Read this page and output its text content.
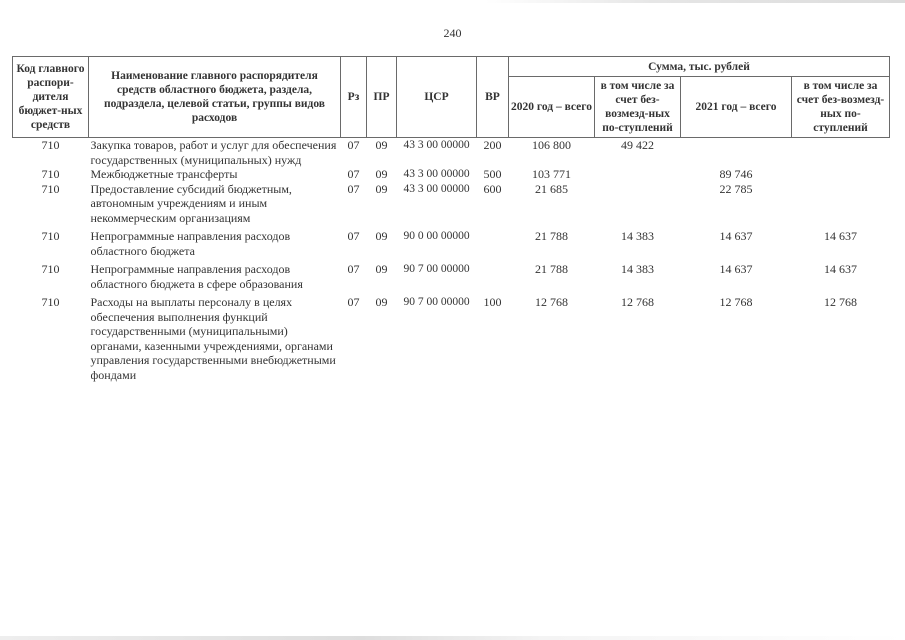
240
Код главного распори-дителя бюджет-ных средств	Наименование главного распорядителя средств областного бюджета, раздела, подраздела, целевой статьи, группы видов расходов	Рз	ПР	ЦСР	ВР	Сумма, тыс. рублей			
						2020 год – всего	в том числе за счет без-возмезд-ных по-ступлений	2021 год – всего	в том числе за счет без-возмезд-ных по-ступлений
710	Закупка товаров, работ и услуг для обеспечения государственных (муниципальных) нужд	07	09	43 3 00 00000	200	106 800	49 422		
710	Межбюджетные трансферты	07	09	43 3 00 00000	500	103 771		89 746	
710	Предоставление субсидий бюджетным, автономным учреждениям и иным некоммерческим организациям	07	09	43 3 00 00000	600	21 685		22 785	
710	Непрограммные направления расходов областного бюджета	07	09	90 0 00 00000		21 788	14 383	14 637	14 637
710	Непрограммные направления расходов областного бюджета в сфере образования	07	09	90 7 00 00000		21 788	14 383	14 637	14 637
710	Расходы на выплаты персоналу в целях обеспечения выполнения функций государственными (муниципальными) органами, казенными учреждениями, органами управления государственными внебюджетными фондами	07	09	90 7 00 00000	100	12 768	12 768	12 768	12 768
